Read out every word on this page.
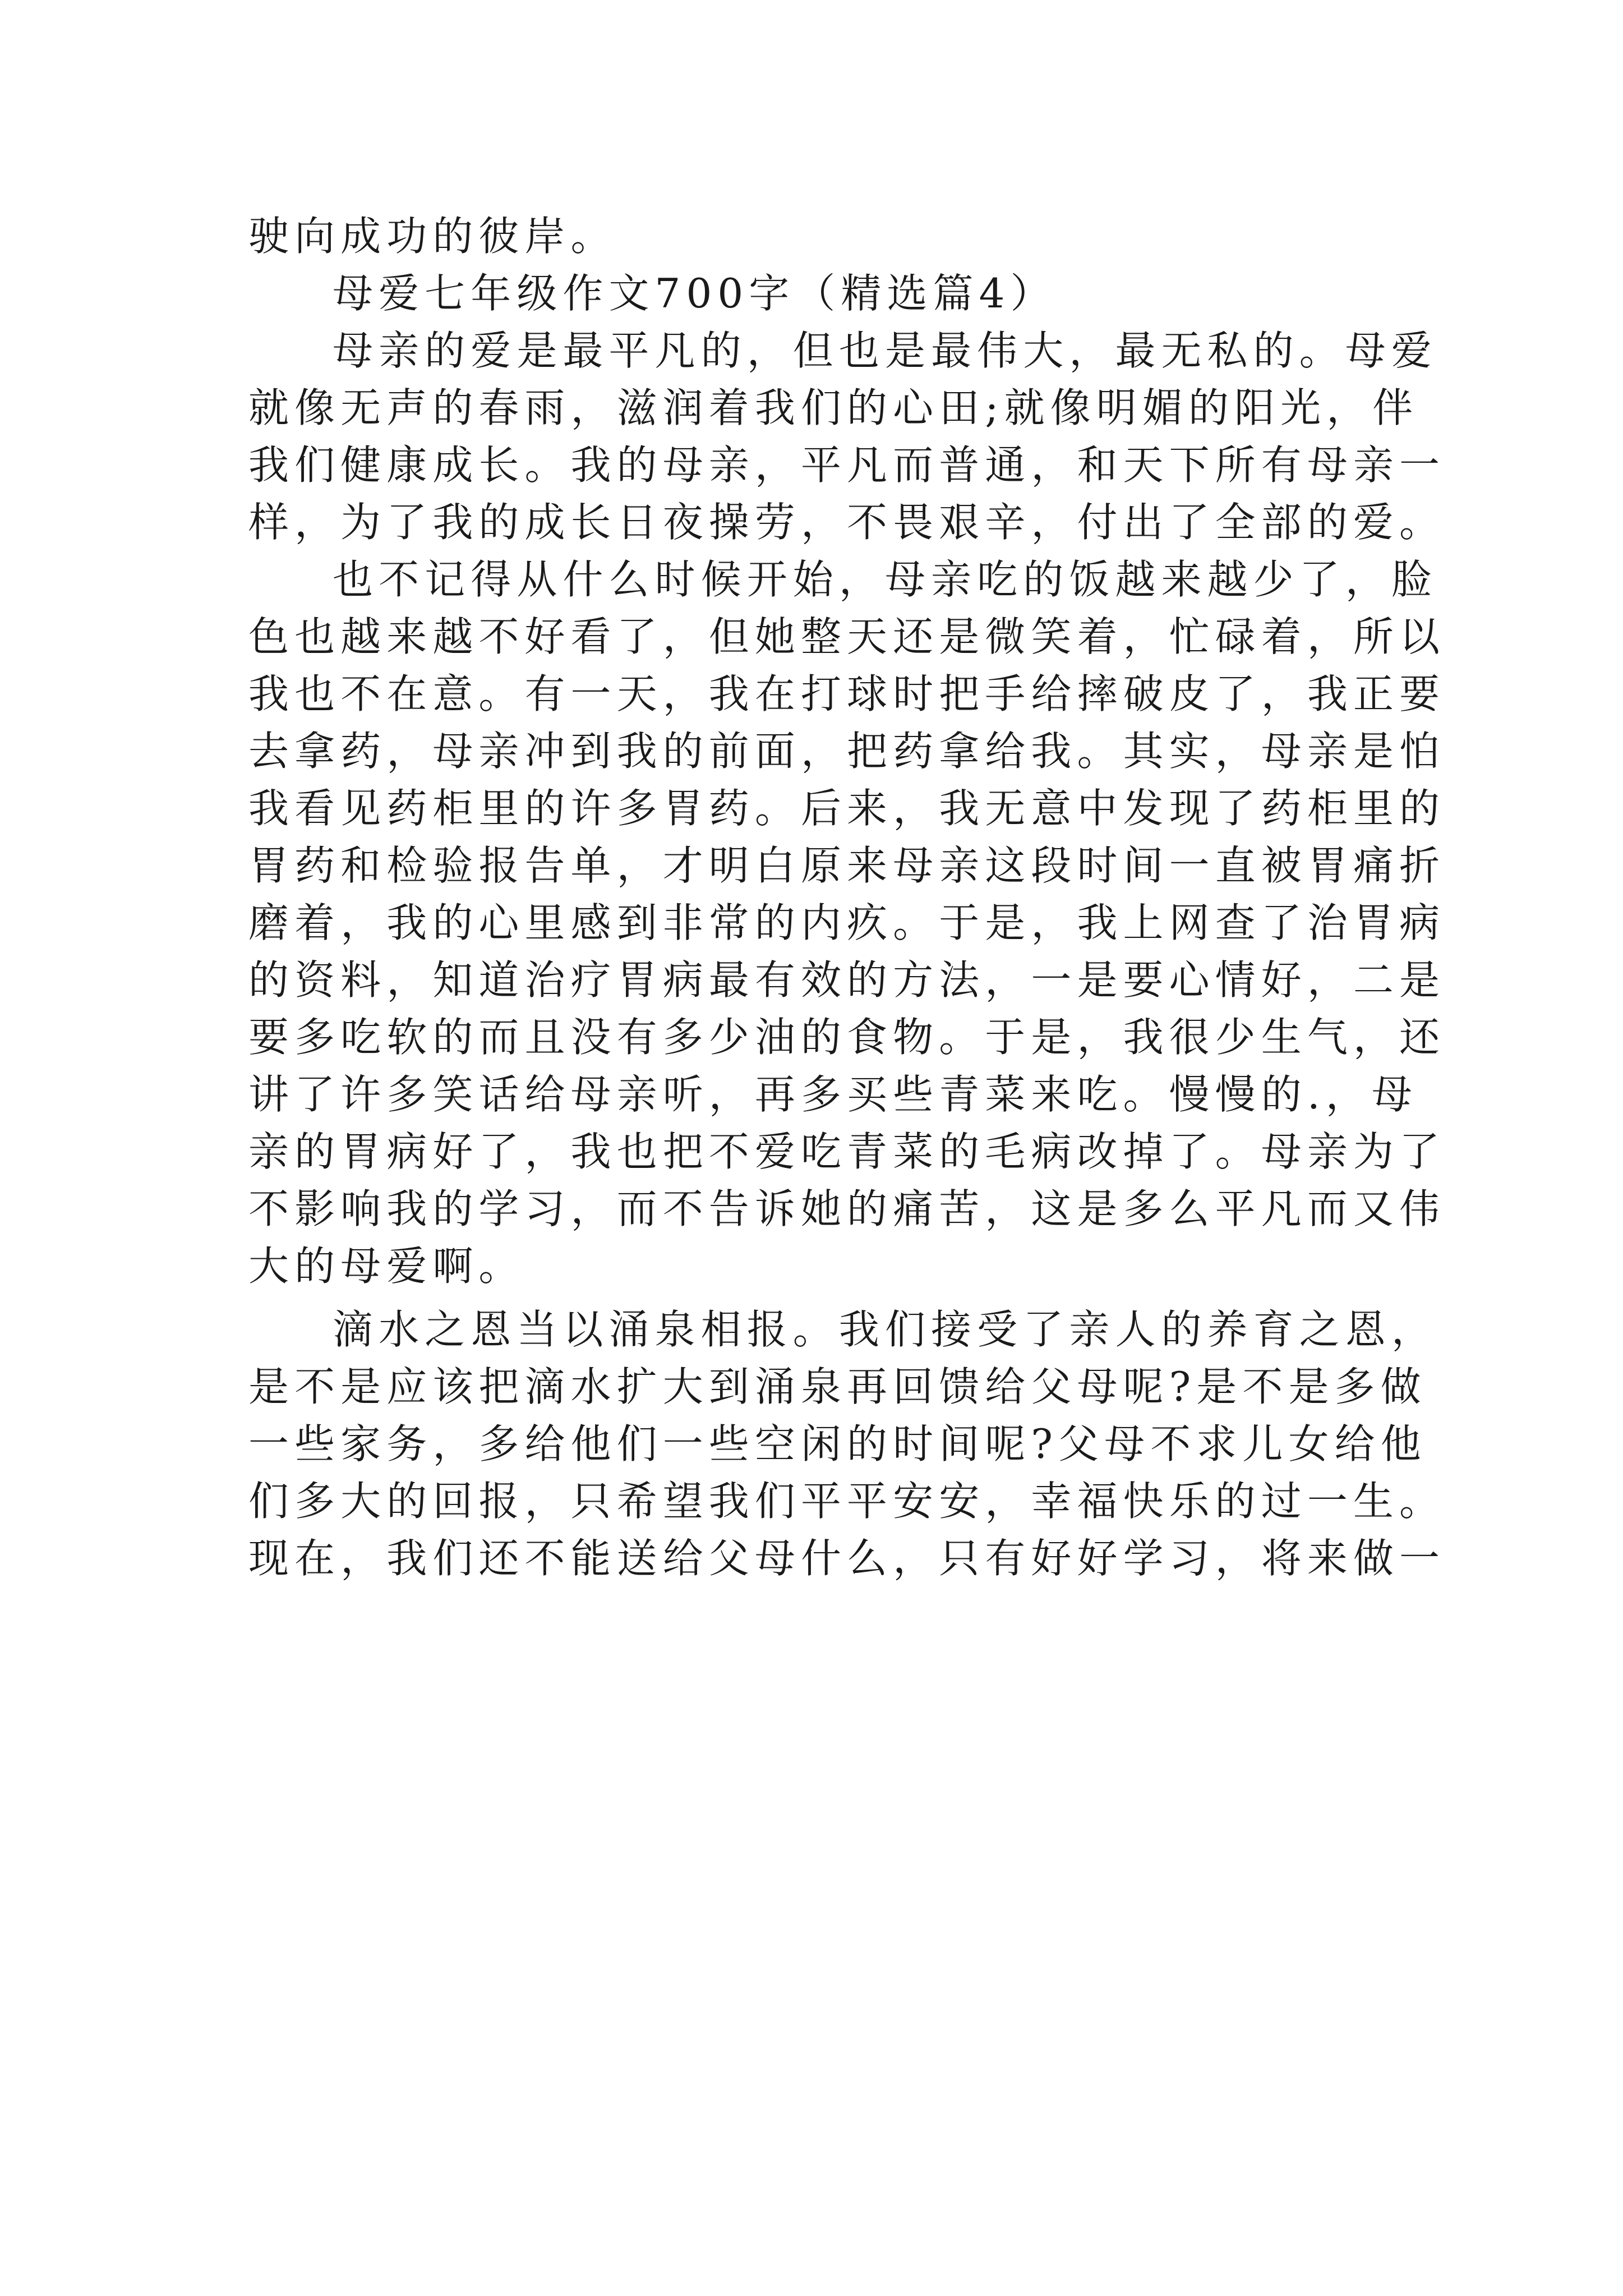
驶向成功的彼岸。
母爱七年级作文700字（精选篇4）
母亲的爱是最平凡的，但也是最伟大，最无私的。母爱
就像无声的春雨，滋润着我们的心田;就像明媚的阳光，伴
我们健康成长。我的母亲，平凡而普通，和天下所有母亲一
样，为了我的成长日夜操劳，不畏艰辛，付出了全部的爱。
也不记得从什么时候开始，母亲吃的饭越来越少了，脸
色也越来越不好看了，但她整天还是微笑着，忙碌着，所以
我也不在意。有一天，我在打球时把手给摔破皮了，我正要
去拿药，母亲冲到我的前面，把药拿给我。其实，母亲是怕
我看见药柜里的许多胃药。后来，我无意中发现了药柜里的
胃药和检验报告单，才明白原来母亲这段时间一直被胃痛折
磨着，我的心里感到非常的内疚。于是，我上网查了治胃病
的资料，知道治疗胃病最有效的方法，一是要心情好，二是
要多吃软的而且没有多少油的食物。于是，我很少生气，还
讲了许多笑话给母亲听，再多买些青菜来吃。慢慢的.，母
亲的胃病好了，我也把不爱吃青菜的毛病改掉了。母亲为了
不影响我的学习，而不告诉她的痛苦，这是多么平凡而又伟
大的母爱啊。
滴水之恩当以涌泉相报。我们接受了亲人的养育之恩，
是不是应该把滴水扩大到涌泉再回馈给父母呢?是不是多做
一些家务，多给他们一些空闲的时间呢?父母不求儿女给他
们多大的回报，只希望我们平平安安，幸福快乐的过一生。
现在，我们还不能送给父母什么，只有好好学习，将来做一
